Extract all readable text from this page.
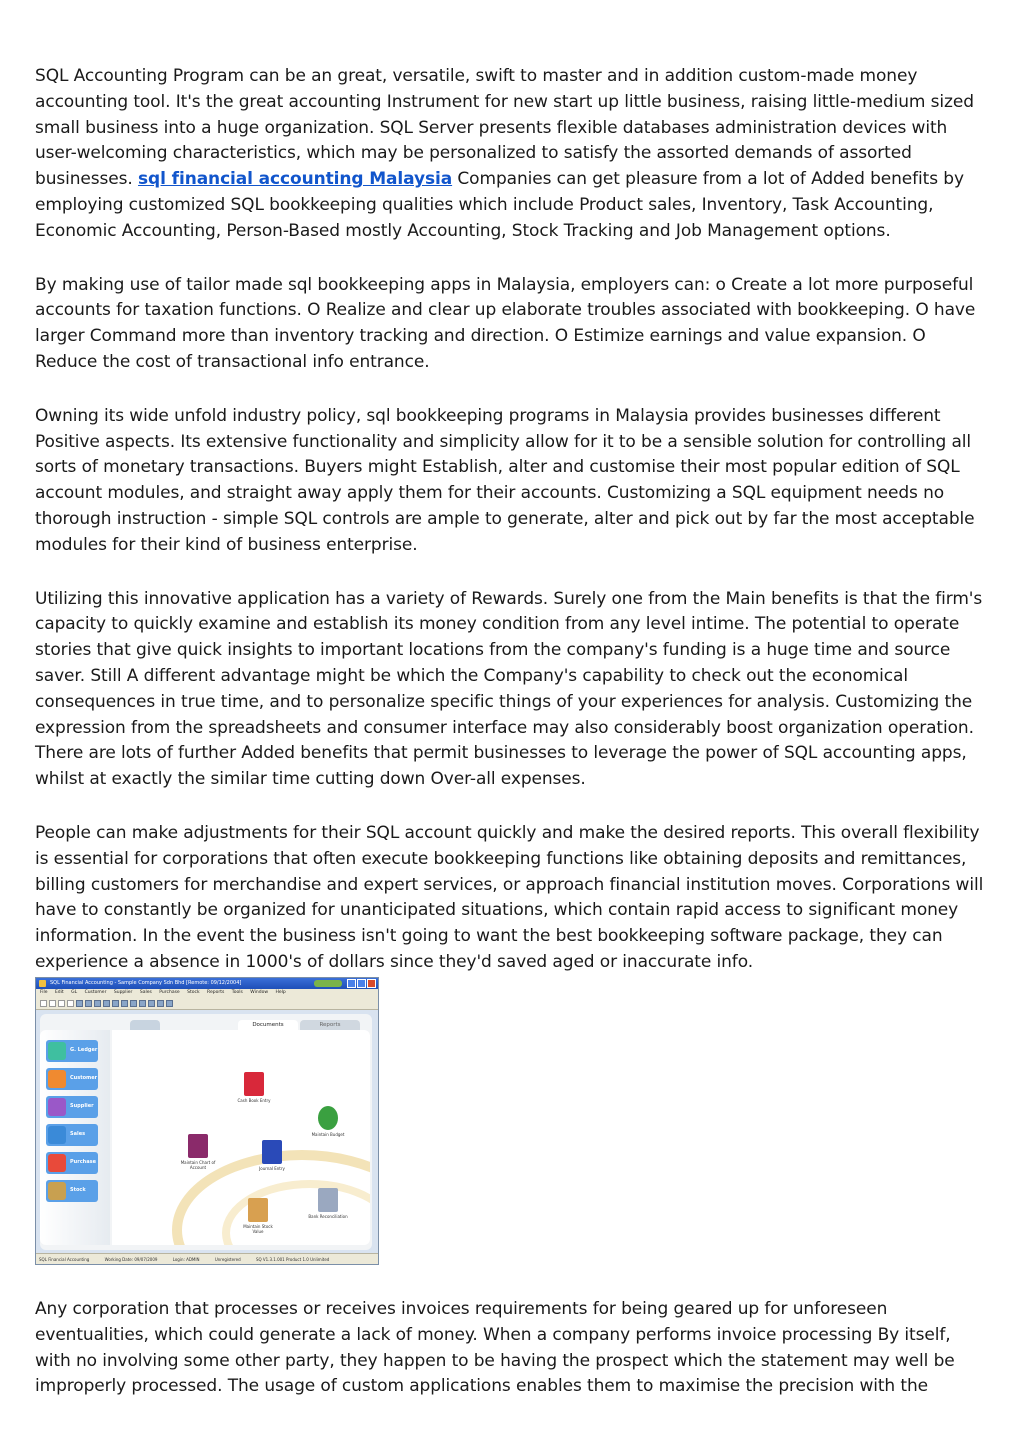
SQL Accounting Program can be an great, versatile, swift to master and in addition custom-made money accounting tool. It's the great accounting Instrument for new start up little business, raising little-medium sized small business into a huge organization. SQL Server presents flexible databases administration devices with user-welcoming characteristics, which may be personalized to satisfy the assorted demands of assorted businesses. sql financial accounting Malaysia Companies can get pleasure from a lot of Added benefits by employing customized SQL bookkeeping qualities which include Product sales, Inventory, Task Accounting, Economic Accounting, Person-Based mostly Accounting, Stock Tracking and Job Management options.

By making use of tailor made sql bookkeeping apps in Malaysia, employers can: o Create a lot more purposeful accounts for taxation functions. O Realize and clear up elaborate troubles associated with bookkeeping. O have larger Command more than inventory tracking and direction. O Estimize earnings and value expansion. O Reduce the cost of transactional info entrance.

Owning its wide unfold industry policy, sql bookkeeping programs in Malaysia provides businesses different Positive aspects. Its extensive functionality and simplicity allow for it to be a sensible solution for controlling all sorts of monetary transactions. Buyers might Establish, alter and customise their most popular edition of SQL account modules, and straight away apply them for their accounts. Customizing a SQL equipment needs no thorough instruction - simple SQL controls are ample to generate, alter and pick out by far the most acceptable modules for their kind of business enterprise.

Utilizing this innovative application has a variety of Rewards. Surely one from the Main benefits is that the firm's capacity to quickly examine and establish its money condition from any level intime. The potential to operate stories that give quick insights to important locations from the company's funding is a huge time and source saver. Still A different advantage might be which the Company's capability to check out the economical consequences in true time, and to personalize specific things of your experiences for analysis. Customizing the expression from the spreadsheets and consumer interface may also considerably boost organization operation. There are lots of further Added benefits that permit businesses to leverage the power of SQL accounting apps, whilst at exactly the similar time cutting down Over-all expenses.

People can make adjustments for their SQL account quickly and make the desired reports. This overall flexibility is essential for corporations that often execute bookkeeping functions like obtaining deposits and remittances, billing customers for merchandise and expert services, or approach financial institution moves. Corporations will have to constantly be organized for unanticipated situations, which contain rapid access to significant money information. In the event the business isn't going to want the best bookkeeping software package, they can experience a absence in 1000's of dollars since they'd saved aged or inaccurate info.

SQL Financial Accounting - Sample Company Sdn Bhd [Remote: 09/12/2004]
File Edit GL Customer Supplier Sales Purchase Stock Reports Tools Window Help
Documents	Reports
G. Ledger
Customer
Supplier
Sales
Purchase
Stock
Cash Book Entry
Maintain Budget
Maintain Chart of Account	Journal Entry
Maintain Stock Value
Bank Reconciliation
SQL Financial Accounting	Working Date: 09/07/2009	Login: ADMIN	Unregistered	SQ V1.3.1.001 Product 1.0 Unlimited

Any corporation that processes or receives invoices requirements for being geared up for unforeseen eventualities, which could generate a lack of money. When a company performs invoice processing By itself, with no involving some other party, they happen to be having the prospect which the statement may well be improperly processed. The usage of custom applications enables them to maximise the precision with the
